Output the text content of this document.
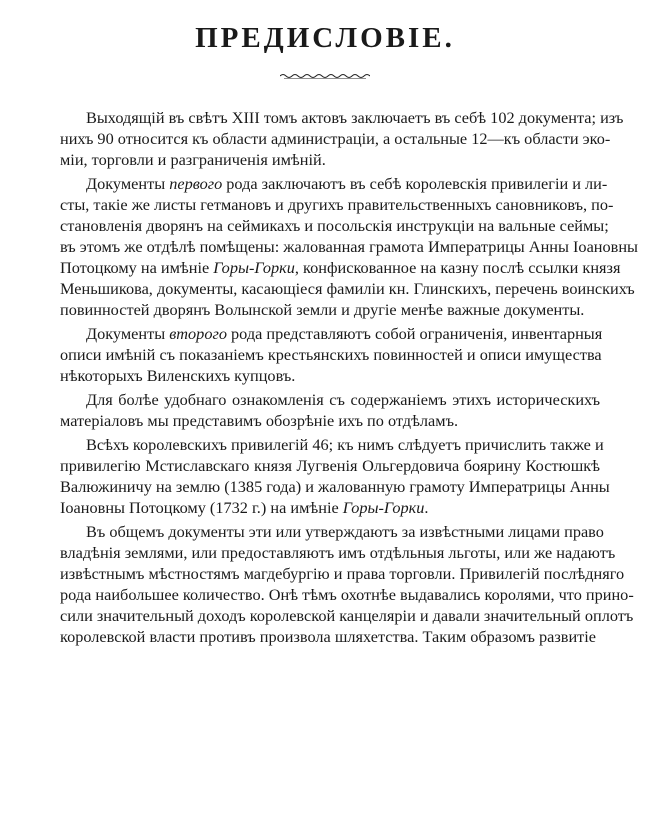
ПРЕДИСЛОВІЕ.
Выходящій въ свѣтъ XIII томъ актовъ заключаетъ въ себѣ 102 документа; изъ
нихъ 90 относится къ области администраціи, а остальные 12—къ области эко-
міи, торговли и разграниченія имѣній.
Документы первого рода заключаютъ въ себѣ королевскія привилегіи и ли-
сты, такіе же листы гетмановъ и другихъ правительственныхъ сановниковъ, по-
становленія дворянъ на сеймикахъ и посольскія инструкціи на вальные сеймы;
въ этомъ же отдѣлѣ помѣщены: жалованная грамота Императрицы Анны Іоановны
Потоцкому на имѣніе Горы-Горки, конфискованное на казну послѣ ссылки князя
Меньшикова, документы, касающіеся фамиліи кн. Глинскихъ, перечень воинскихъ
повинностей дворянъ Волынской земли и другіе менѣе важные документы.
Документы второго рода представляютъ собой ограниченія, инвентарныя
описи имѣній съ показаніемъ крестьянскихъ повинностей и описи имущества
нѣкоторыхъ Виленскихъ купцовъ.
Для болѣе удобнаго ознакомленія съ содержаніемъ этихъ историческихъ
матеріаловъ мы представимъ обозрѣніе ихъ по отдѣламъ.
Всѣхъ королевскихъ привилегій 46; къ нимъ слѣдуетъ причислить также и
привилегію Мстиславскаго князя Лугвенія Ольгердовича боярину Костюшкѣ
Валюжиничу на землю (1385 года) и жалованную грамоту Императрицы Анны
Іоановны Потоцкому (1732 г.) на имѣніе Горы-Горки.
Въ общемъ документы эти или утверждаютъ за извѣстными лицами право
владѣнія землями, или предоставляютъ имъ отдѣльныя льготы, или же надаютъ
извѣстнымъ мѣстностямъ магдебургію и права торговли. Привилегій послѣдняго
рода наибольшее количество. Онѣ тѣмъ охотнѣе выдавались королями, что прино-
сили значительный доходъ королевской канцеляріи и давали значительный оплотъ
королевской власти противъ произвола шляхетства. Таким образомъ развитіе
